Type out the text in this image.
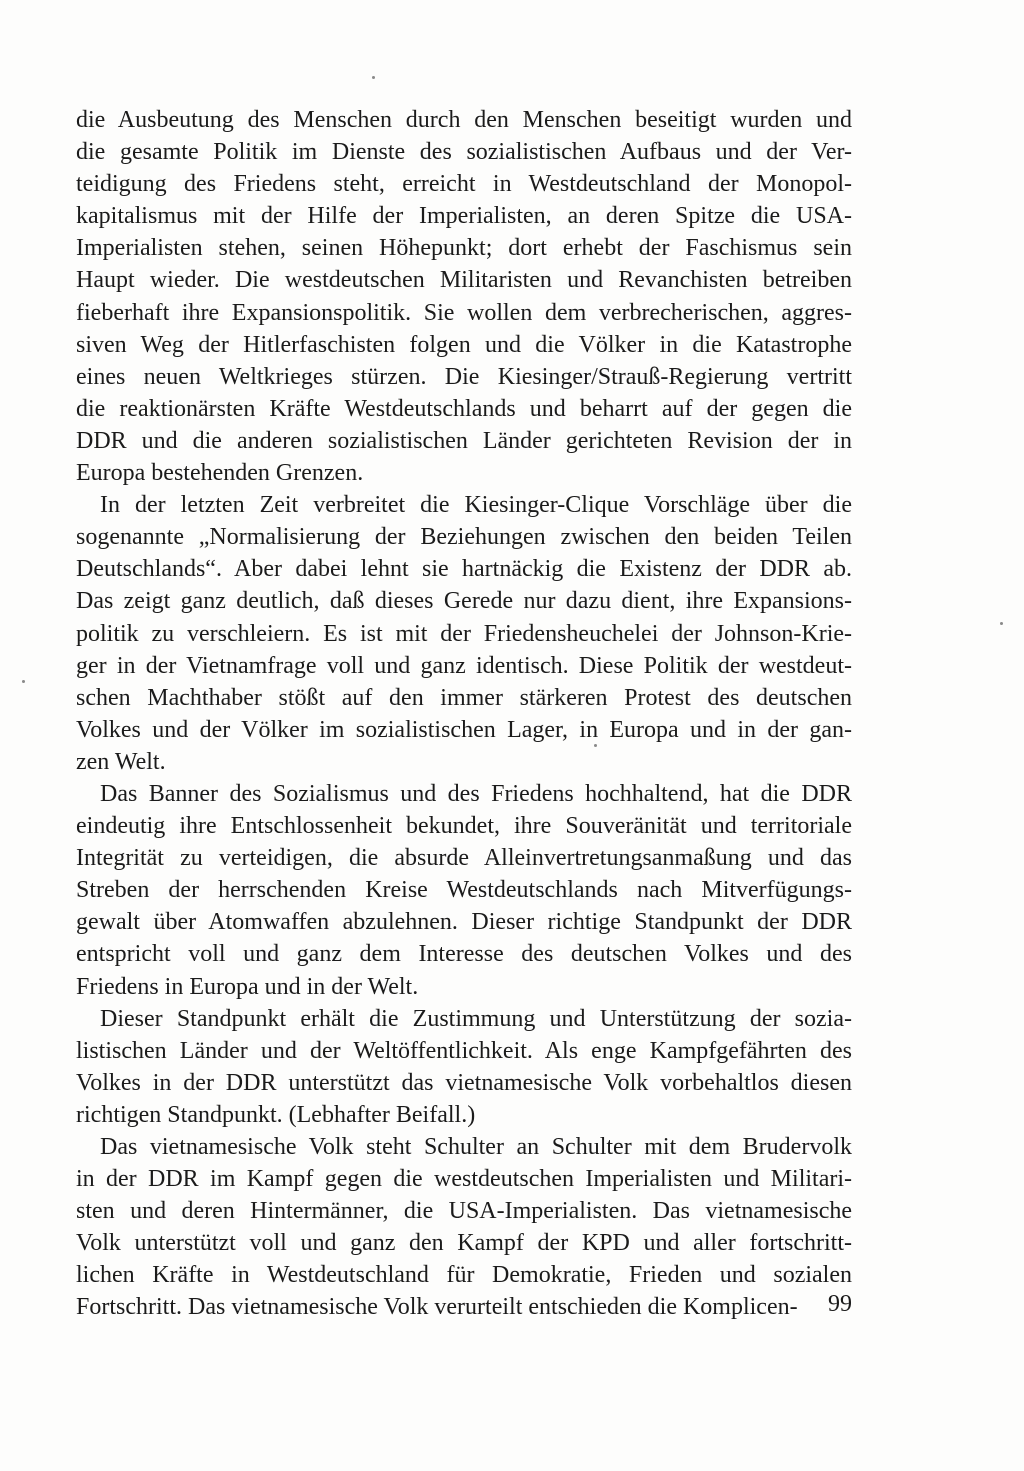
die Ausbeutung des Menschen durch den Menschen beseitigt wurden und
die gesamte Politik im Dienste des sozialistischen Aufbaus und der Ver-
teidigung des Friedens steht, erreicht in Westdeutschland der Monopol-
kapitalismus mit der Hilfe der Imperialisten, an deren Spitze die USA-
Imperialisten stehen, seinen Höhepunkt; dort erhebt der Faschismus sein
Haupt wieder. Die westdeutschen Militaristen und Revanchisten betreiben
fieberhaft ihre Expansionspolitik. Sie wollen dem verbrecherischen, aggres-
siven Weg der Hitlerfaschisten folgen und die Völker in die Katastrophe
eines neuen Weltkrieges stürzen. Die Kiesinger/Strauß-Regierung vertritt
die reaktionärsten Kräfte Westdeutschlands und beharrt auf der gegen die
DDR und die anderen sozialistischen Länder gerichteten Revision der in
Europa bestehenden Grenzen.
In der letzten Zeit verbreitet die Kiesinger-Clique Vorschläge über die
sogenannte „Normalisierung der Beziehungen zwischen den beiden Teilen
Deutschlands“. Aber dabei lehnt sie hartnäckig die Existenz der DDR ab.
Das zeigt ganz deutlich, daß dieses Gerede nur dazu dient, ihre Expansions-
politik zu verschleiern. Es ist mit der Friedensheuchelei der Johnson-Krie-
ger in der Vietnamfrage voll und ganz identisch. Diese Politik der westdeut-
schen Machthaber stößt auf den immer stärkeren Protest des deutschen
Volkes und der Völker im sozialistischen Lager, in Europa und in der gan-
zen Welt.
Das Banner des Sozialismus und des Friedens hochhaltend, hat die DDR
eindeutig ihre Entschlossenheit bekundet, ihre Souveränität und territoriale
Integrität zu verteidigen, die absurde Alleinvertretungsanmaßung und das
Streben der herrschenden Kreise Westdeutschlands nach Mitverfügungs-
gewalt über Atomwaffen abzulehnen. Dieser richtige Standpunkt der DDR
entspricht voll und ganz dem Interesse des deutschen Volkes und des
Friedens in Europa und in der Welt.
Dieser Standpunkt erhält die Zustimmung und Unterstützung der sozia-
listischen Länder und der Weltöffentlichkeit. Als enge Kampfgefährten des
Volkes in der DDR unterstützt das vietnamesische Volk vorbehaltlos diesen
richtigen Standpunkt. (Lebhafter Beifall.)
Das vietnamesische Volk steht Schulter an Schulter mit dem Brudervolk
in der DDR im Kampf gegen die westdeutschen Imperialisten und Militari-
sten und deren Hintermänner, die USA-Imperialisten. Das vietnamesische
Volk unterstützt voll und ganz den Kampf der KPD und aller fortschritt-
lichen Kräfte in Westdeutschland für Demokratie, Frieden und sozialen
Fortschritt. Das vietnamesische Volk verurteilt entschieden die Komplicen-	99
